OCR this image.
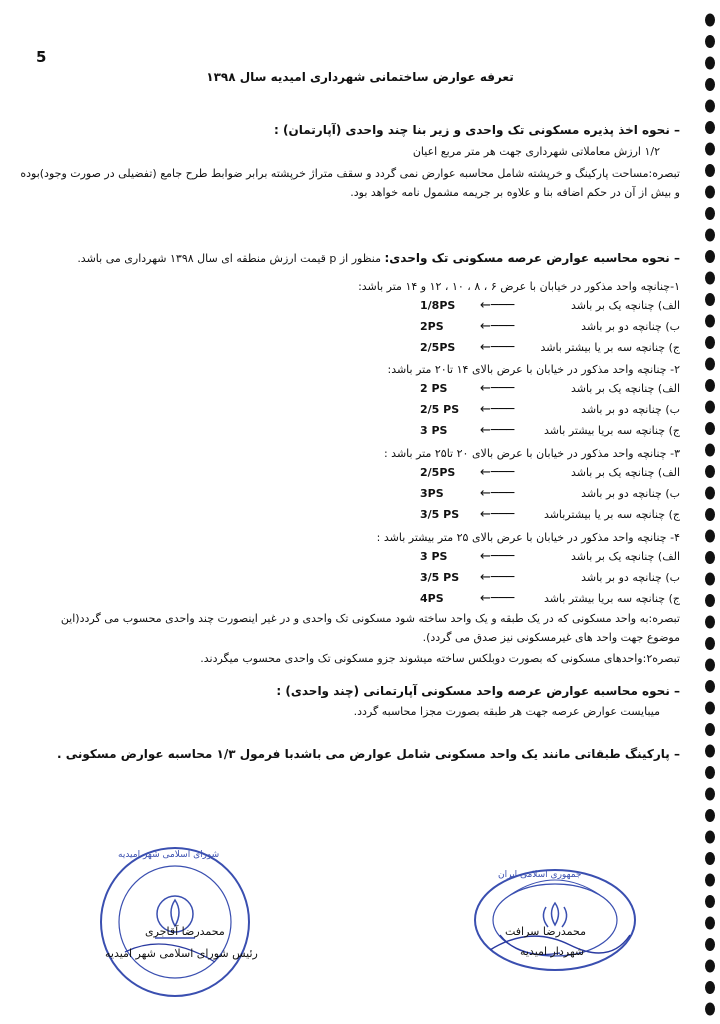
5
تعرفه عوارض ساختمانی شهرداری امیدیه سال ۱۳۹۸
– نحوه اخذ پذیره مسکونی تک واحدی و زیر بنا چند واحدی (آپارتمان) :
۱/۲ ارزش معاملاتی شهرداری جهت هر متر مربع اعیان
تبصره:مساحت پارکینگ و خرپشته شامل محاسبه عوارض نمی گردد و سقف متراژ خرپشته برابر ضوابط طرح جامع (تفضیلی در صورت وجود)بوده
و بیش از آن در حکم اضافه بنا و علاوه بر جریمه مشمول نامه خواهد بود.
– نحوه محاسبه عوارض عرصه مسکونی تک واحدی: منظور از p قیمت ارزش منطقه ای سال ۱۳۹۸ شهرداری می باشد.
۱-چنانچه واحد مذکور در خیابان با عرض ۶ ، ۸ ، ۱۰ ، ۱۲ و ۱۴ متر باشد:
الف) چنانچه یک بر باشد
←───
1/8PS
ب) چنانچه دو بر باشد
←───
2PS
ج) چنانچه سه بر یا بیشتر باشد
←───
2/5PS
۲- چنانچه واحد مذکور در خیابان با عرض بالای ۱۴ تا۲۰ متر باشد:
الف) چنانچه یک بر باشد
←───
2 PS
ب) چنانچه دو بر باشد
←───
2/5 PS
ج) چنانچه سه بریا بیشتر باشد
←───
3 PS
۳- چنانچه واحد مذکور در خیابان با عرض بالای ۲۰ تا۲۵ متر باشد :
الف) چنانچه یک بر باشد
←───
2/5PS
ب) چنانچه دو بر باشد
←───
3PS
ج) چنانچه سه بر یا بیشترباشد
←───
3/5 PS
۴- چنانچه واحد مذکور در خیابان با عرض بالای ۲۵ متر بیشتر باشد :
الف) چنانچه یک بر باشد
←───
3 PS
ب) چنانچه دو بر باشد
←───
3/5 PS
ج) چنانچه سه بریا بیشتر باشد
←───
4PS
تبصره:به واحد مسکونی که در یک طبقه و یک واحد ساخته شود مسکونی تک واحدی و در غیر اینصورت چند واحدی محسوب می گردد(این
موضوع جهت واحد های غیرمسکونی نیز صدق می گردد).
تبصره۲:واحدهای مسکونی که بصورت دوبلکس ساخته میشوند جزو مسکونی تک واحدی محسوب میگردند.
– نحوه محاسبه عوارض عرصه واحد مسکونی آپارتمانی (چند واحدی) :
میبایست عوارض عرصه جهت هر طبقه بصورت مجزا محاسبه گردد.
– پارکینگ طبقاتی مانند یک واحد مسکونی شامل عوارض می باشدبا فرمول ۱/۳ محاسبه عوارض مسکونی .
جمهوری اسلامی ایران
محمدرضا سرافت
شهردار امیدیه
شورای اسلامی شهر امیدیه
محمدرضا آقاجری
رئیس شورای اسلامی شهر امیدیه
